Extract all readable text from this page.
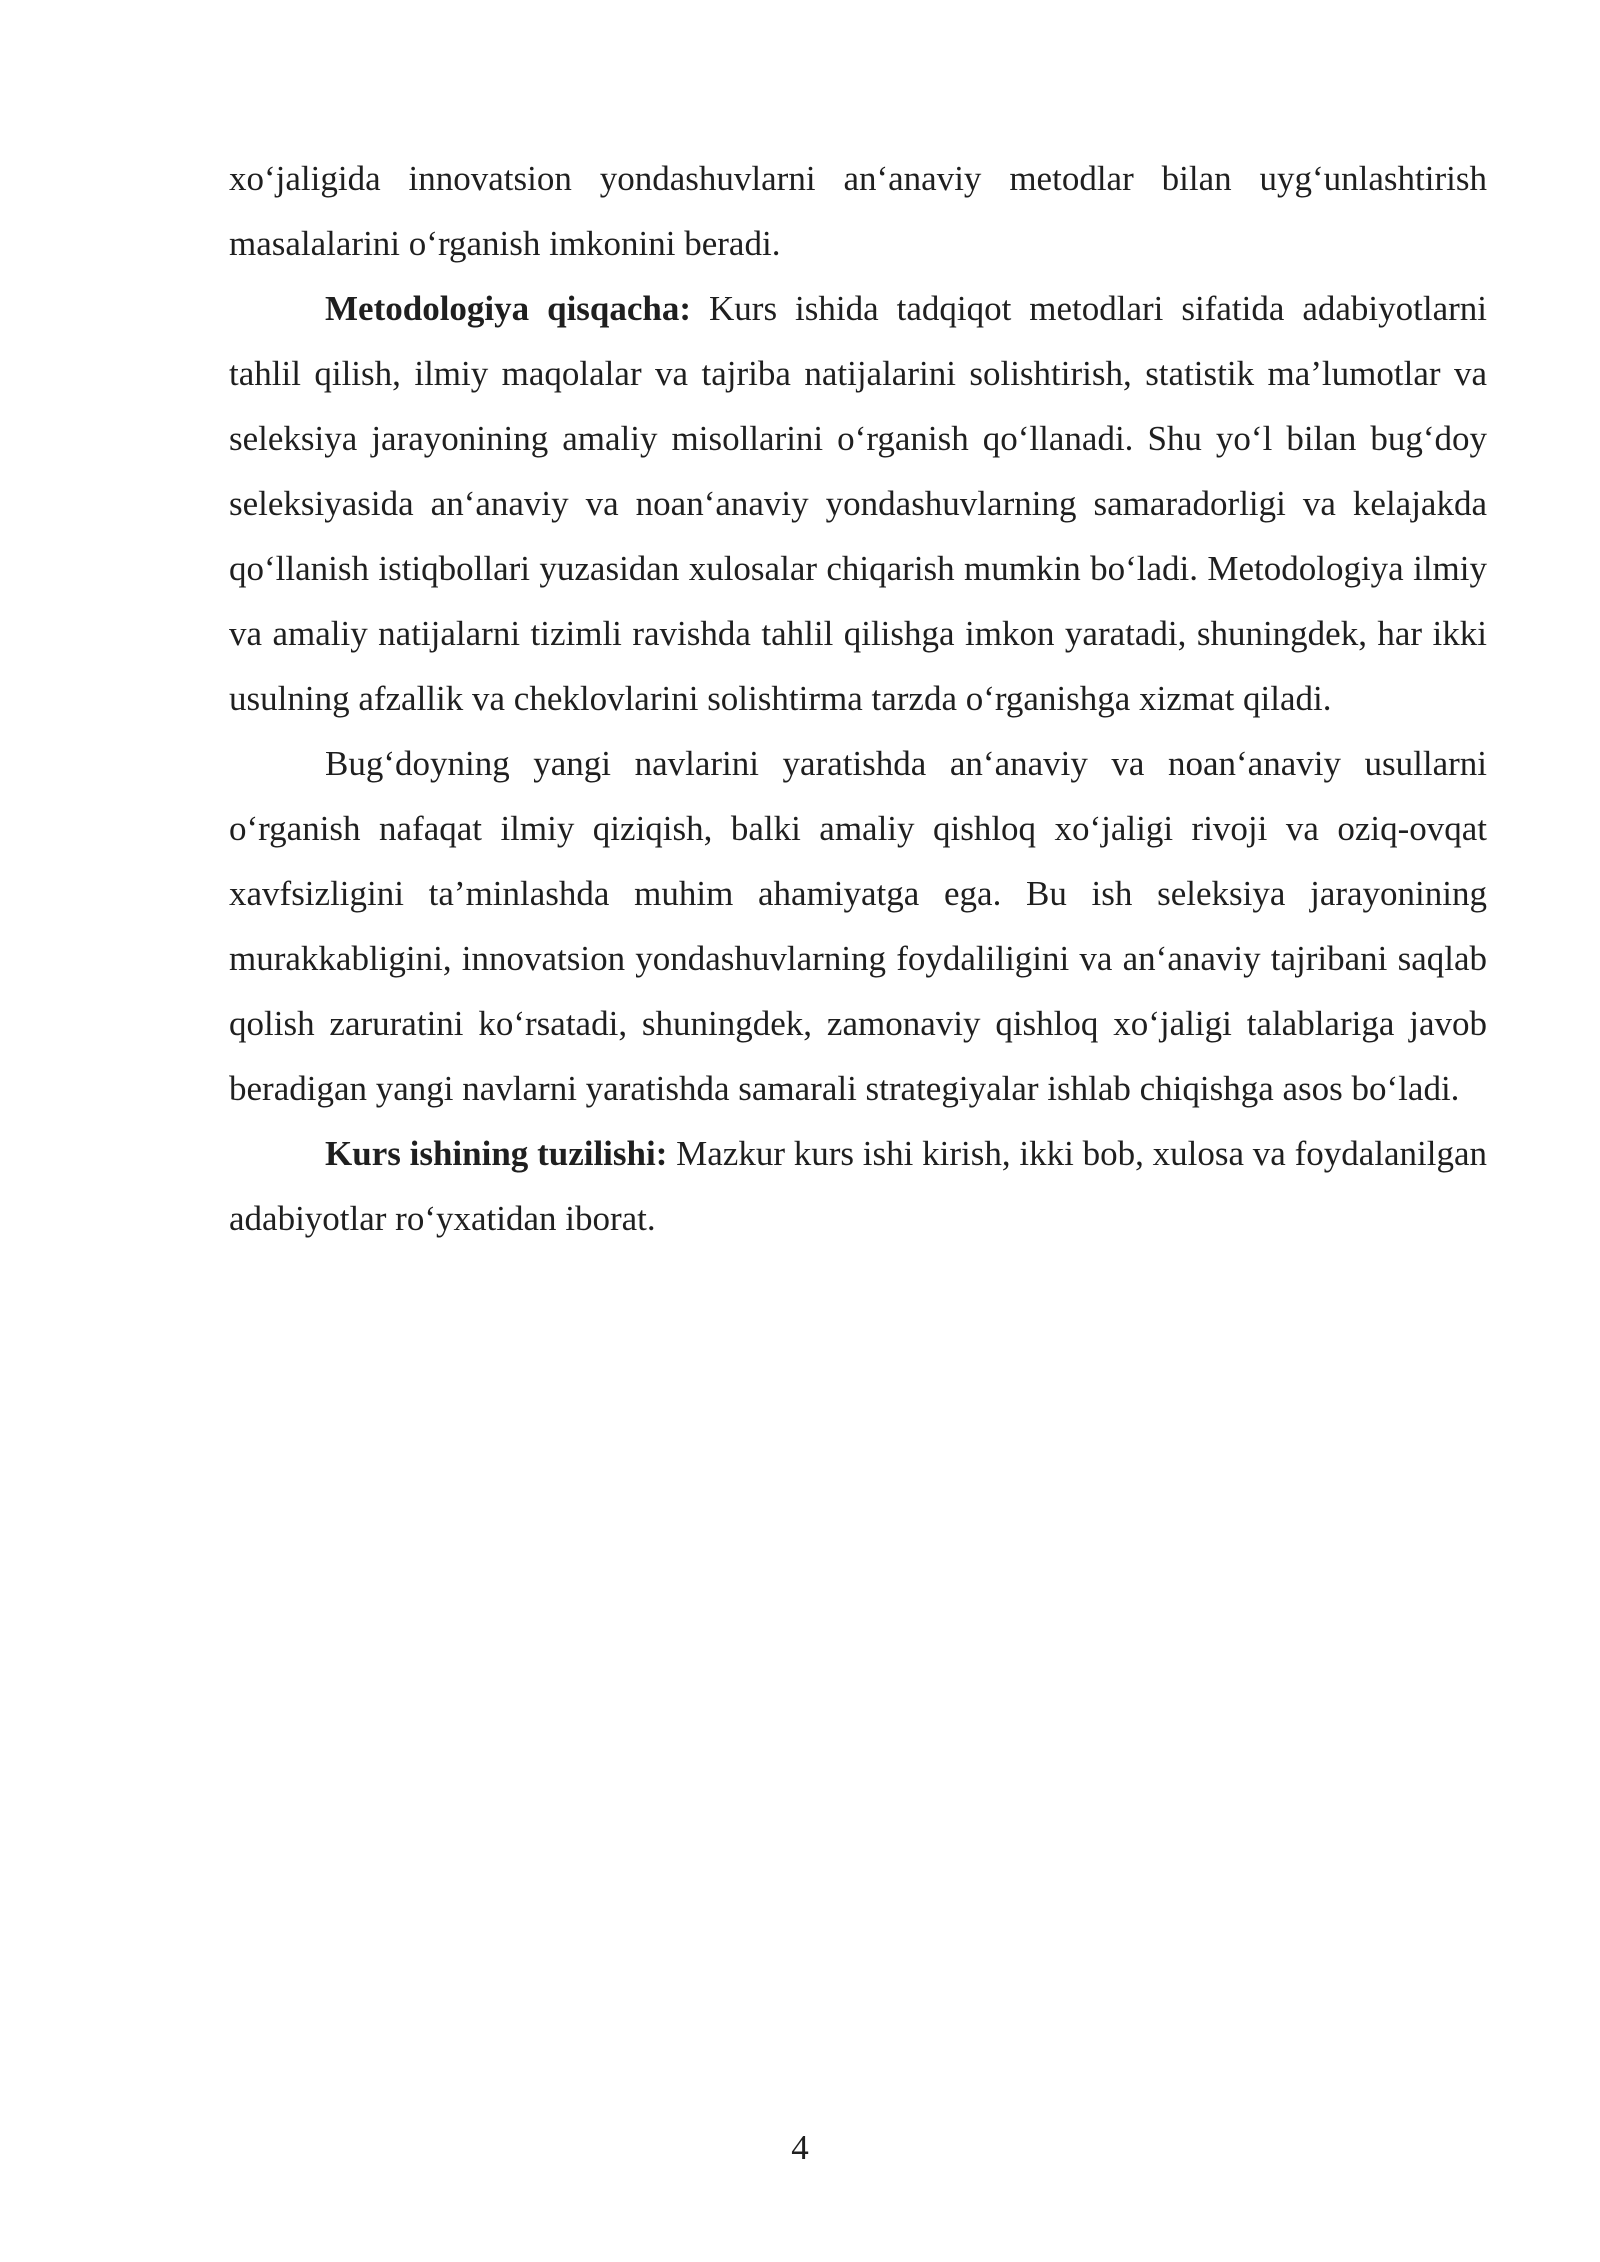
xo‘jaligida innovatsion yondashuvlarni an‘anaviy metodlar bilan uyg‘unlashtirish masalalarini o‘rganish imkonini beradi.

Metodologiya qisqacha: Kurs ishida tadqiqot metodlari sifatida adabiyotlarni tahlil qilish, ilmiy maqolalar va tajriba natijalarini solishtirish, statistik ma’lumotlar va seleksiya jarayonining amaliy misollarini o‘rganish qo‘llanadi. Shu yo‘l bilan bug‘doy seleksiyasida an‘anaviy va noan‘anaviy yondashuvlarning samaradorligi va kelajakda qo‘llanish istiqbollari yuzasidan xulosalar chiqarish mumkin bo‘ladi. Metodologiya ilmiy va amaliy natijalarni tizimli ravishda tahlil qilishga imkon yaratadi, shuningdek, har ikki usulning afzallik va cheklovlarini solishtirma tarzda o‘rganishga xizmat qiladi.

Bug‘doyning yangi navlarini yaratishda an‘anaviy va noan‘anaviy usullarni o‘rganish nafaqat ilmiy qiziqish, balki amaliy qishloq xo‘jaligi rivoji va oziq-ovqat xavfsizligini ta’minlashda muhim ahamiyatga ega. Bu ish seleksiya jarayonining murakkabligini, innovatsion yondashuvlarning foydaliligini va an‘anaviy tajribani saqlab qolish zaruratini ko‘rsatadi, shuningdek, zamonaviy qishloq xo‘jaligi talablariga javob beradigan yangi navlarni yaratishda samarali strategiyalar ishlab chiqishga asos bo‘ladi.

Kurs ishining tuzilishi: Mazkur kurs ishi kirish, ikki bob, xulosa va foydalanilgan adabiyotlar ro‘yxatidan iborat.

4
